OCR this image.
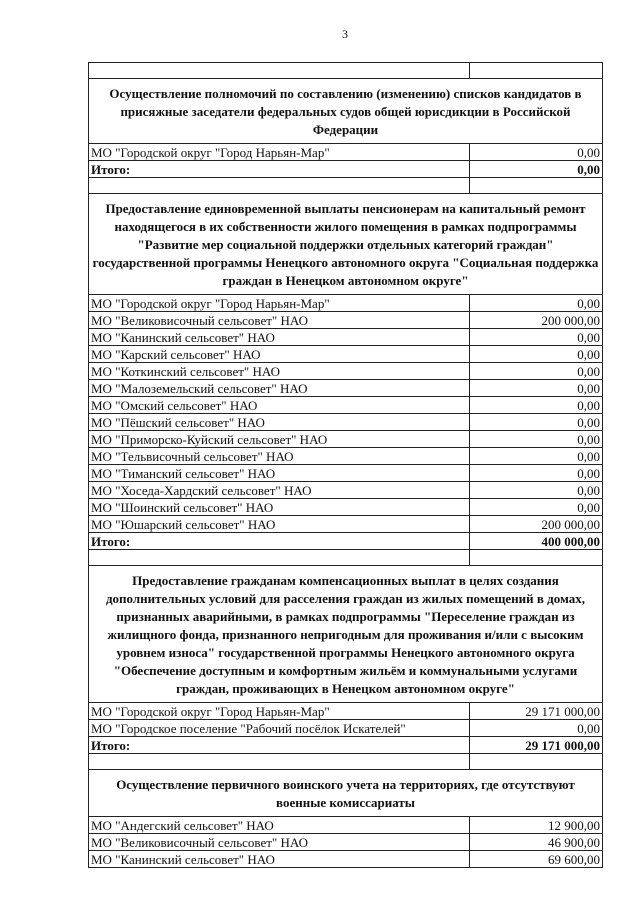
3

Осуществление полномочий по составлению (изменению) списков кандидатов в присяжные заседатели федеральных судов общей юрисдикции в Российской Федерации	
МО "Городской округ "Город Нарьян-Мар"	0,00
Итого:	0,00

Предоставление единовременной выплаты пенсионерам на капитальный ремонт находящегося в их собственности жилого помещения в рамках подпрограммы "Развитие мер социальной поддержки отдельных категорий граждан" государственной программы Ненецкого автономного округа "Социальная поддержка граждан в Ненецком автономном округе"	
МО "Городской округ "Город Нарьян-Мар"	0,00
МО "Великовисочный сельсовет" НАО	200 000,00
МО "Канинский сельсовет" НАО	0,00
МО "Карский сельсовет" НАО	0,00
МО "Коткинский сельсовет" НАО	0,00
МО "Малоземельский сельсовет" НАО	0,00
МО "Омский сельсовет" НАО	0,00
МО "Пёшский сельсовет" НАО	0,00
МО "Приморско-Куйский сельсовет" НАО	0,00
МО "Тельвисочный сельсовет" НАО	0,00
МО "Тиманский сельсовет" НАО	0,00
МО "Хоседа-Хардский сельсовет" НАО	0,00
МО "Шоинский сельсовет" НАО	0,00
МО "Юшарский сельсовет" НАО	200 000,00
Итого:	400 000,00

Предоставление гражданам компенсационных выплат в целях создания дополнительных условий для расселения граждан из жилых помещений в домах, признанных аварийными, в рамках подпрограммы "Переселение граждан из жилищного фонда, признанного непригодным для проживания и/или с высоким уровнем износа" государственной программы Ненецкого автономного округа "Обеспечение доступным и комфортным жильём и коммунальными услугами граждан, проживающих в Ненецком автономном округе"	
МО "Городской округ "Город Нарьян-Мар"	29 171 000,00
МО "Городское поселение "Рабочий посёлок Искателей"	0,00
Итого:	29 171 000,00

Осуществление первичного воинского учета на территориях, где отсутствуют военные комиссариаты	
МО "Андегский сельсовет" НАО	12 900,00
МО "Великовисочный сельсовет" НАО	46 900,00
МО "Канинский сельсовет" НАО	69 600,00
